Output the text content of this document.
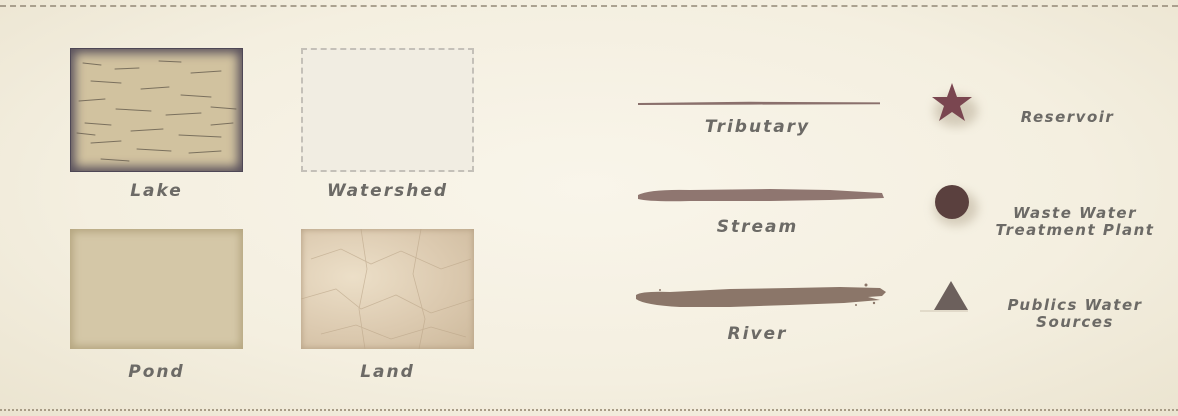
Lake	Watershed
Pond	Land
Tributary
Stream
River
Reservoir
Waste Water
Treatment Plant
Publics Water
Sources
